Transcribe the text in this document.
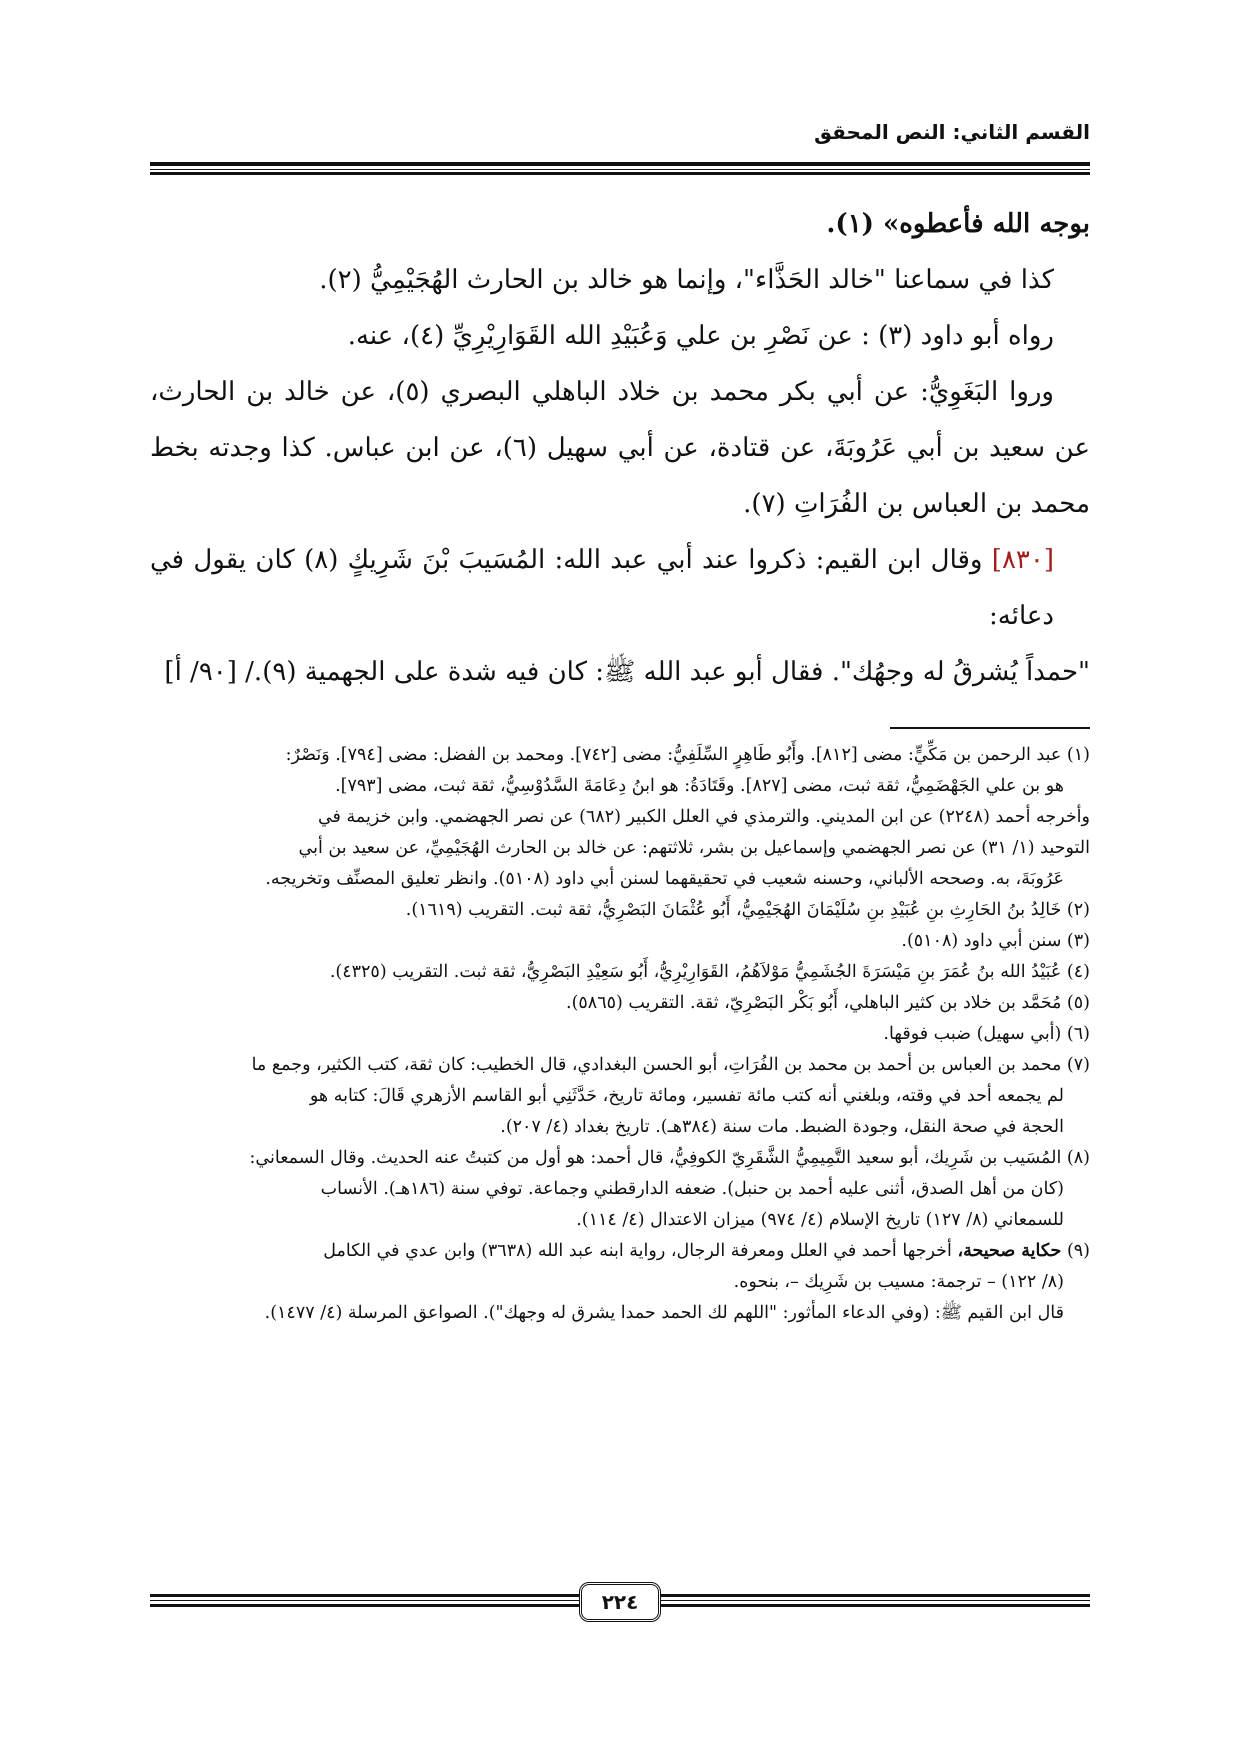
القسم الثاني: النص المحقق

بوجه الله فأعطوه» (١).

كذا في سماعنا "خالد الحَذَّاء"، وإنما هو خالد بن الحارث الهُجَيْمِيُّ (٢).

رواه أبو داود (٣) : عن نَصْرِ بن علي وَعُبَيْدِ الله القَوَارِيْرِيِّ (٤)، عنه.

وروا البَغَوِيُّ: عن أبي بكر محمد بن خلاد الباهلي البصري (٥)، عن خالد بن الحارث،

عن سعيد بن أبي عَرُوبَةَ، عن قتادة، عن أبي سهيل (٦)، عن ابن عباس. كذا وجدته بخط

محمد بن العباس بن الفُرَاتِ (٧).

[٨٣٠] وقال ابن القيم: ذكروا عند أبي عبد الله: المُسَيبَ بْنَ شَرِيكٍ (٨) كان يقول في دعائه:

"حمداً يُشرقُ له وجهُك". فقال أبو عبد الله ﷺ: كان فيه شدة على الجهمية (٩)./ [٩٠/ أ]

(١) عبد الرحمن بن مَكِّيٍّ: مضى [٨١٢]. وأَبُو طَاهِرٍ السِّلَفِيُّ: مضى [٧٤٢]. ومحمد بن الفضل: مضى [٧٩٤]. وَنَصْرٌ:

هو بن علي الجَهْضَمِيُّ، ثقة ثبت، مضى [٨٢٧]. وقَتَادَةُ: هو ابنُ دِعَامَةَ السَّدُوْسِيُّ، ثقة ثبت، مضى [٧٩٣].

وأخرجه أحمد (٢٢٤٨) عن ابن المديني. والترمذي في العلل الكبير (٦٨٢) عن نصر الجهضمي. وابن خزيمة في

التوحيد (١/ ٣١) عن نصر الجهضمي وإسماعيل بن بشر، ثلاثتهم: عن خالد بن الحارث الهُجَيْمِيِّ، عن سعيد بن أبي

عَرُوبَةَ، به. وصححه الألباني، وحسنه شعيب في تحقيقهما لسنن أبي داود (٥١٠٨). وانظر تعليق المصنِّف وتخريجه.

(٢) خَالِدُ بنُ الحَارِثِ بنِ عُبَيْدِ بنِ سُلَيْمَانَ الهُجَيْمِيُّ، أَبُو عُثْمَانَ البَصْرِيُّ، ثقة ثبت. التقريب (١٦١٩).

(٣) سنن أبي داود (٥١٠٨).

(٤) عُبَيْدُ الله بنُ عُمَرَ بنِ مَيْسَرَةَ الجُشَمِيُّ مَوْلاَهُمُ، القَوَارِيْرِيُّ، أَبُو سَعِيْدِ البَصْرِيُّ، ثقة ثبت. التقريب (٤٣٢٥).

(٥) مُحَمَّد بن خلاد بن كثير الباهلي، أَبُو بَكْر البَصْرِيّ، ثقة. التقريب (٥٨٦٥).

(٦) (أبي سهيل) ضبب فوقها.

(٧) محمد بن العباس بن أحمد بن محمد بن الفُرَاتِ، أبو الحسن البغدادي، قال الخطيب: كان ثقة، كتب الكثير، وجمع ما

لم يجمعه أحد في وقته، وبلغني أنه كتب مائة تفسير، ومائة تاريخ، حَدَّثَنِي أبو القاسم الأزهري قَالَ: كتابه هو

الحجة في صحة النقل، وجودة الضبط. مات سنة (٣٨٤هـ). تاريخ بغداد (٤/ ٢٠٧).

(٨) المُسَيب بن شَرِيك، أبو سعيد التَّمِيمِيُّ الشَّقَرِيّ الكوفِيُّ، قال أحمد: هو أول من كتبتُ عنه الحديث. وقال السمعاني:

(كان من أهل الصدق، أثنى عليه أحمد بن حنبل). ضعفه الدارقطني وجماعة. توفي سنة (١٨٦هـ). الأنساب

للسمعاني (٨/ ١٢٧) تاريخ الإسلام (٤/ ٩٧٤) ميزان الاعتدال (٤/ ١١٤).

(٩) حكاية صحيحة، أخرجها أحمد في العلل ومعرفة الرجال، رواية ابنه عبد الله (٣٦٣٨) وابن عدي في الكامل

(٨/ ١٢٢) – ترجمة: مسيب بن شَرِيك –، بنحوه.

قال ابن القيم ﷺ: (وفي الدعاء المأثور: "اللهم لك الحمد حمدا يشرق له وجهك"). الصواعق المرسلة (٤/ ١٤٧٧).

٢٢٤
